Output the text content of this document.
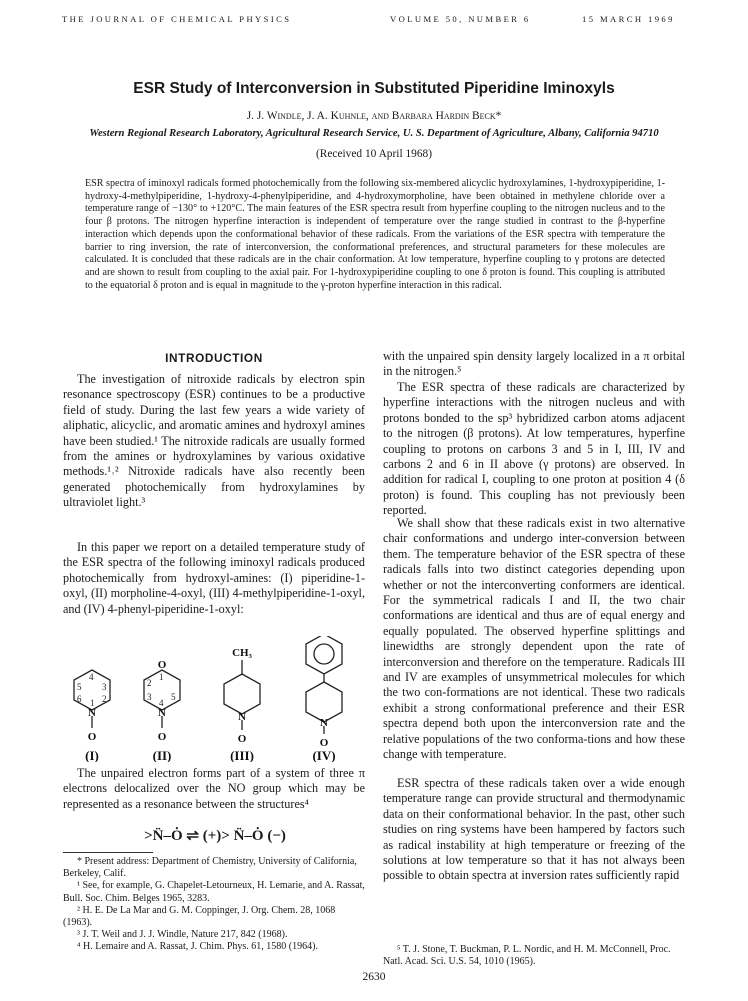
THE JOURNAL OF CHEMICAL PHYSICS	VOLUME 50, NUMBER 6	15 MARCH 1969
ESR Study of Interconversion in Substituted Piperidine Iminoxyls
J. J. Windle, J. A. Kuhnle, and Barbara Hardin Beck*
Western Regional Research Laboratory, Agricultural Research Service, U. S. Department of Agriculture, Albany, California 94710
(Received 10 April 1968)
ESR spectra of iminoxyl radicals formed photochemically from the following six-membered alicyclic hydroxylamines, 1-hydroxypiperidine, 1-hydroxy-4-methylpiperidine, 1-hydroxy-4-phenylpiperidine, and 4-hydroxymorpholine, have been obtained in methylene chloride over a temperature range of −130° to +120°C. The main features of the ESR spectra result from hyperfine coupling to the nitrogen nucleus and to the four β protons. The nitrogen hyperfine interaction is independent of temperature over the range studied in contrast to the β-hyperfine interaction which depends upon the conformational behavior of these radicals. From the variations of the ESR spectra with temperature the barrier to ring inversion, the rate of interconversion, the conformational preferences, and structural parameters for these molecules are calculated. It is concluded that these radicals are in the chair conformation. At low temperature, hyperfine coupling to γ protons are detected and are shown to result from coupling to the axial pair. For 1-hydroxypiperidine coupling to one δ proton is found. This coupling is attributed to the equatorial δ proton and is equal in magnitude to the γ-proton hyperfine interaction in this radical.
INTRODUCTION
The investigation of nitroxide radicals by electron spin resonance spectroscopy (ESR) continues to be a productive field of study. During the last few years a wide variety of aliphatic, alicyclic, and aromatic amines and hydroxyl amines have been studied.¹ The nitroxide radicals are usually formed from the amines or hydroxylamines by various oxidative methods.¹˒² Nitroxide radicals have also recently been generated photochemically from hydroxylamines by ultraviolet light.³
In this paper we report on a detailed temperature study of the ESR spectra of the following iminoxyl radicals produced photochemically from hydroxyl-amines: (I) piperidine-1-oxyl, (II) morpholine-4-oxyl, (III) 4-methylpiperidine-1-oxyl, and (IV) 4-phenyl-piperidine-1-oxyl:
4
5 3
6 1 2
2
1
3
4
5
N
O
O
N
O
CH₃
N
O
N
O
(I)	(II)	(III)	(IV)
The unpaired electron forms part of a system of three π electrons delocalized over the NO group which may be represented as a resonance between the structures⁴
>N̈–Ȯ ⇌ (+)> N̈–Ȯ (−)
* Present address: Department of Chemistry, University of California, Berkeley, Calif.
¹ See, for example, G. Chapelet-Letourneux, H. Lemarie, and A. Rassat, Bull. Soc. Chim. Belges 1965, 3283.
² H. E. De La Mar and G. M. Coppinger, J. Org. Chem. 28, 1068 (1963).
³ J. T. Weil and J. J. Windle, Nature 217, 842 (1968).
⁴ H. Lemaire and A. Rassat, J. Chim. Phys. 61, 1580 (1964).
with the unpaired spin density largely localized in a π orbital in the nitrogen.⁵
The ESR spectra of these radicals are characterized by hyperfine interactions with the nitrogen nucleus and with protons bonded to the sp³ hybridized carbon atoms adjacent to the nitrogen (β protons). At low temperatures, hyperfine coupling to protons on carbons 3 and 5 in I, III, IV and carbons 2 and 6 in II above (γ protons) are observed. In addition for radical I, coupling to one proton at position 4 (δ proton) is found. This coupling has not previously been reported.
We shall show that these radicals exist in two alternative chair conformations and undergo inter-conversion between them. The temperature behavior of the ESR spectra of these radicals falls into two distinct categories depending upon whether or not the interconverting conformers are identical. For the symmetrical radicals I and II, the two chair conformations are identical and thus are of equal energy and equally populated. The observed hyperfine splittings and linewidths are strongly dependent upon the rate of interconversion and therefore on the temperature. Radicals III and IV are examples of unsymmetrical molecules for which the two con-formations are not identical. These two radicals exhibit a strong conformational preference and their ESR spectra depend both upon the interconversion rate and the relative populations of the two conforma-tions and how these change with temperature.
ESR spectra of these radicals taken over a wide enough temperature range can provide structural and thermodynamic data on their conformational behavior. In the past, other such studies on ring systems have been hampered by factors such as radical instability at high temperature or freezing of the solutions at low temperature so that it has not always been possible to obtain spectra at inversion rates sufficiently rapid
⁵ T. J. Stone, T. Buckman, P. L. Nordic, and H. M. McConnell, Proc. Natl. Acad. Sci. U.S. 54, 1010 (1965).
2630
